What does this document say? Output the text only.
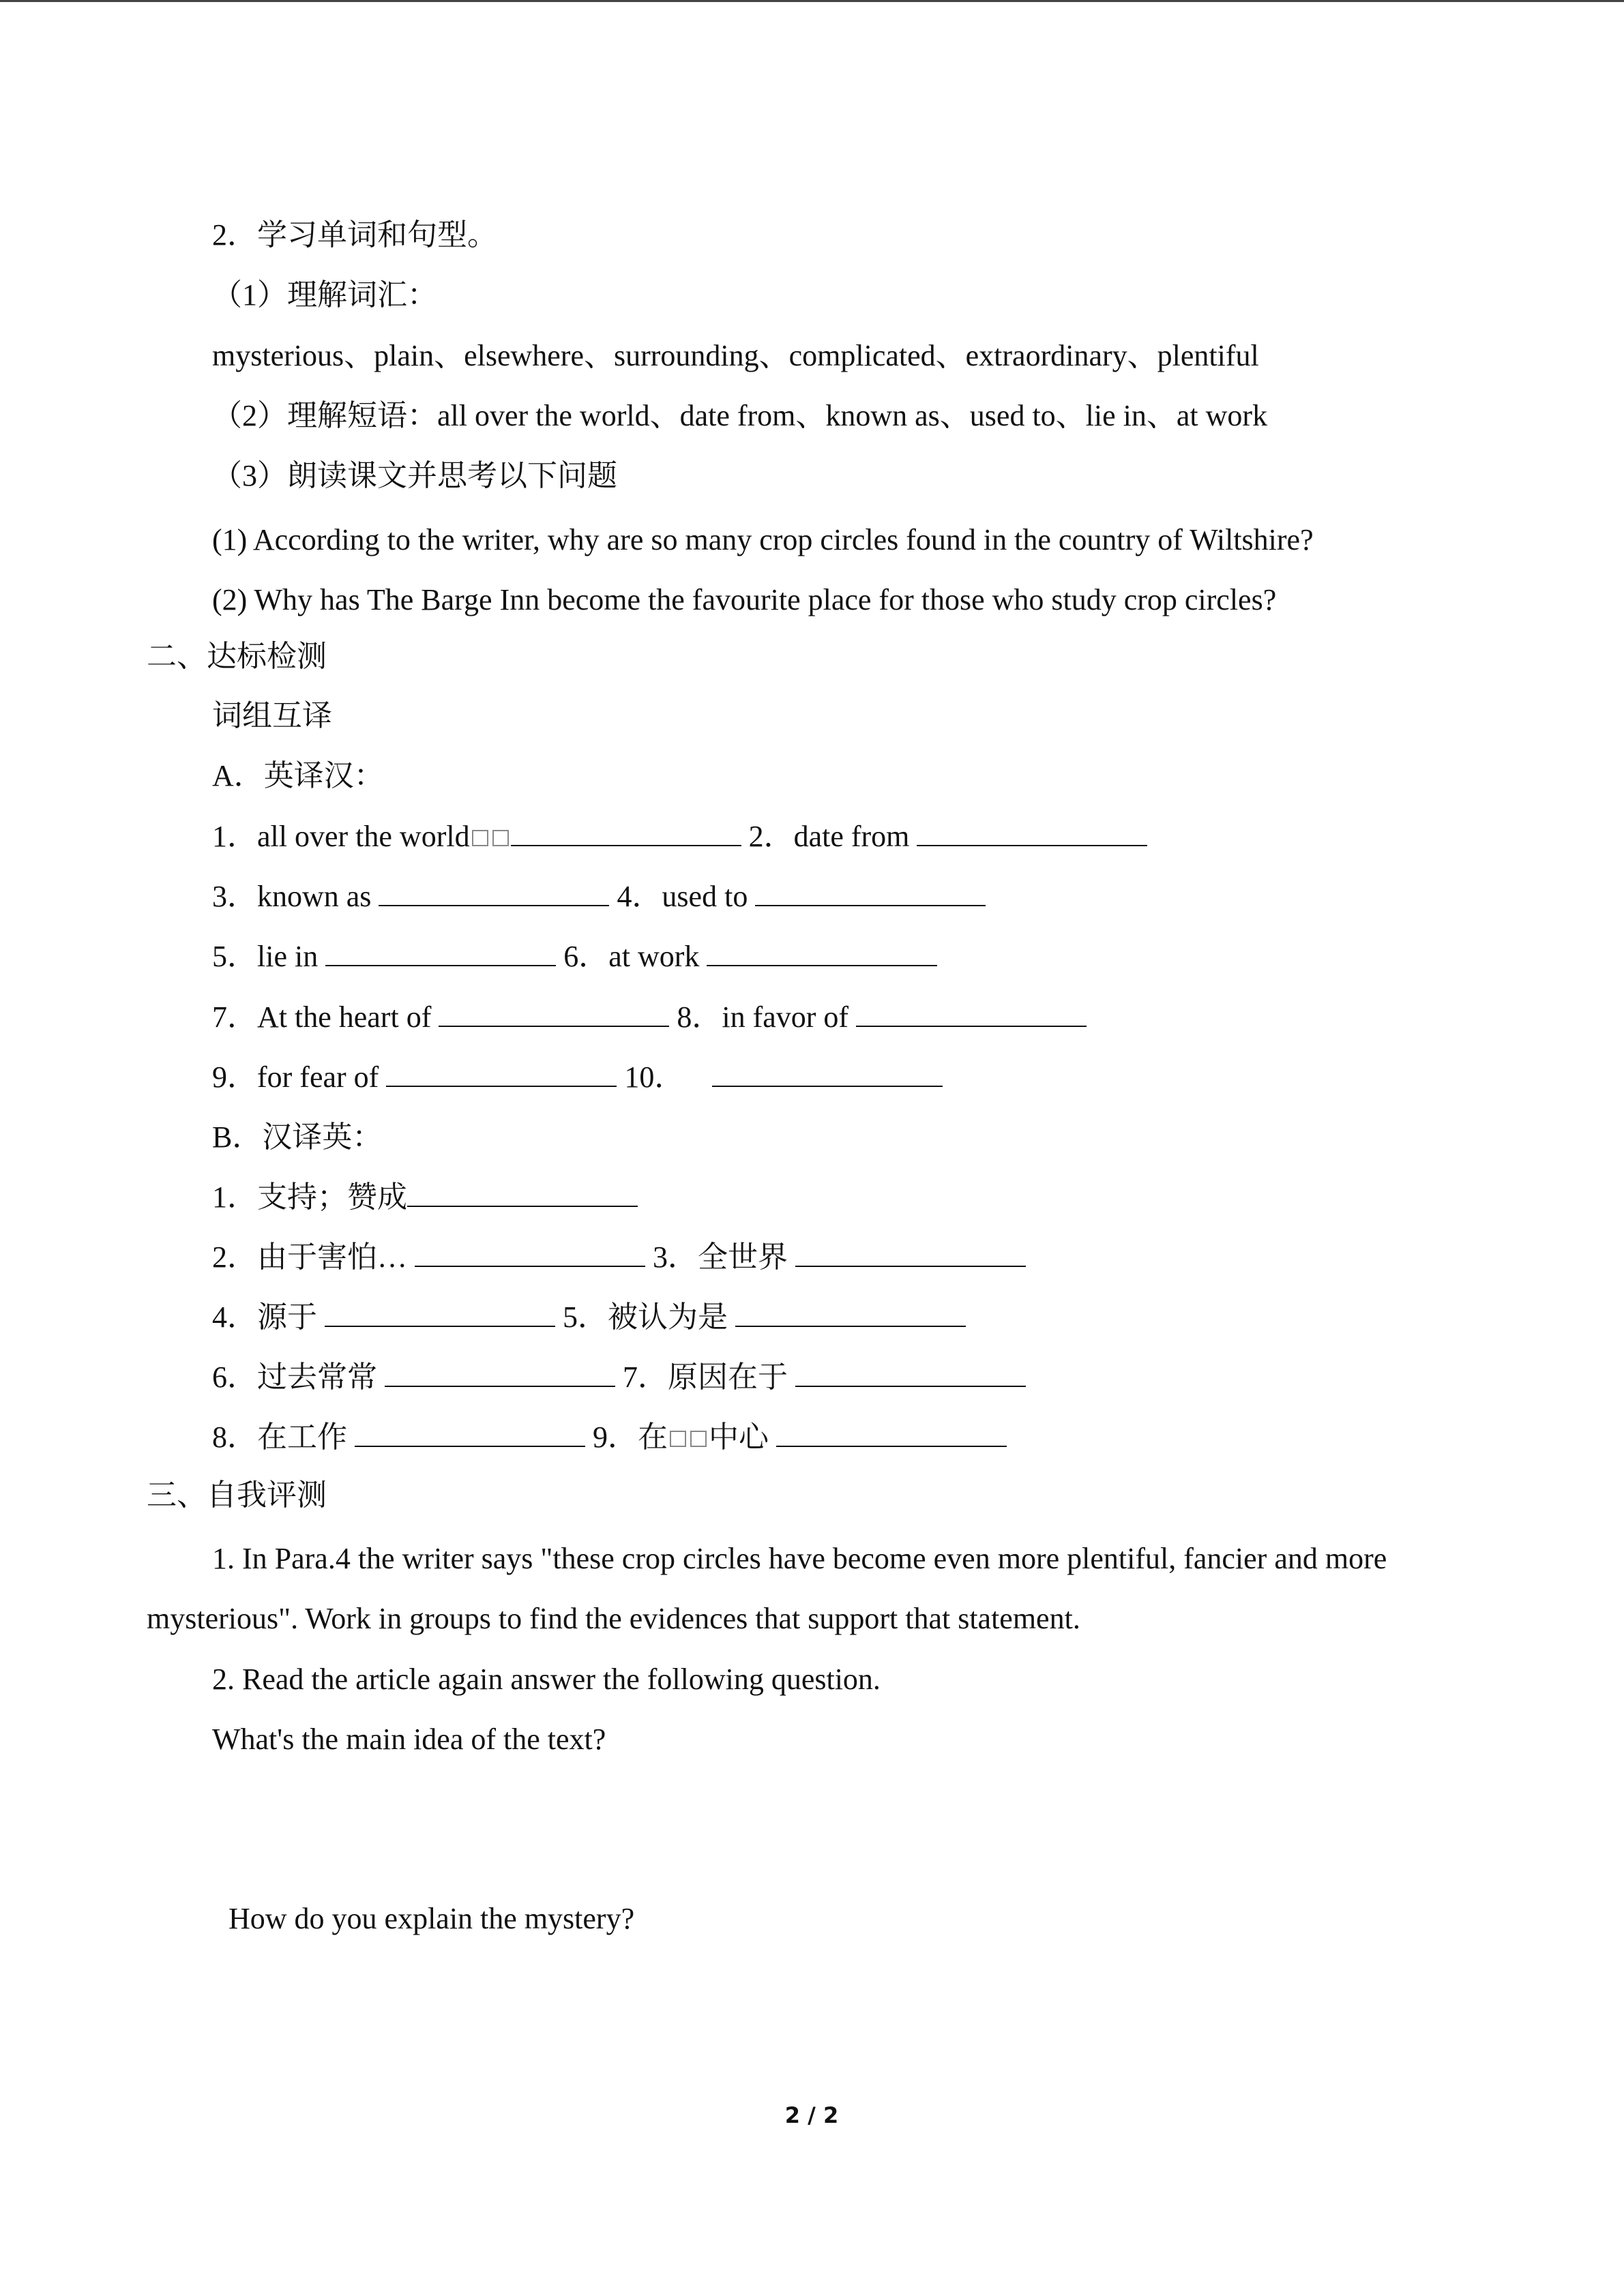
2．学习单词和句型。
（1）理解词汇：
mysterious、plain、elsewhere、surrounding、complicated、extraordinary、plentiful
（2）理解短语：all over the world、date from、known as、used to、lie in、at work
（3）朗读课文并思考以下问题
(1) According to the writer, why are so many crop circles found in the country of Wiltshire?
(2) Why has The Barge Inn become the favourite place for those who study crop circles?
二、达标检测
词组互译
A．英译汉：
1．all over the world	2．date from
3．known as	4．used to
5．lie in	6．at work
7．At the heart of	8．in favor of
9．for fear of	10．
B．汉译英：
1．支持；赞成
2．由于害怕…	3．全世界
4．源于	5．被认为是
6．过去常常	7．原因在于
8．在工作	9．在 中心
三、自我评测
1. In Para.4 the writer says "these crop circles have become even more plentiful, fancier and more
mysterious". Work in groups to find the evidences that support that statement.
2. Read the article again answer the following question.
What's the main idea of the text?
How do you explain the mystery?
2 / 2
